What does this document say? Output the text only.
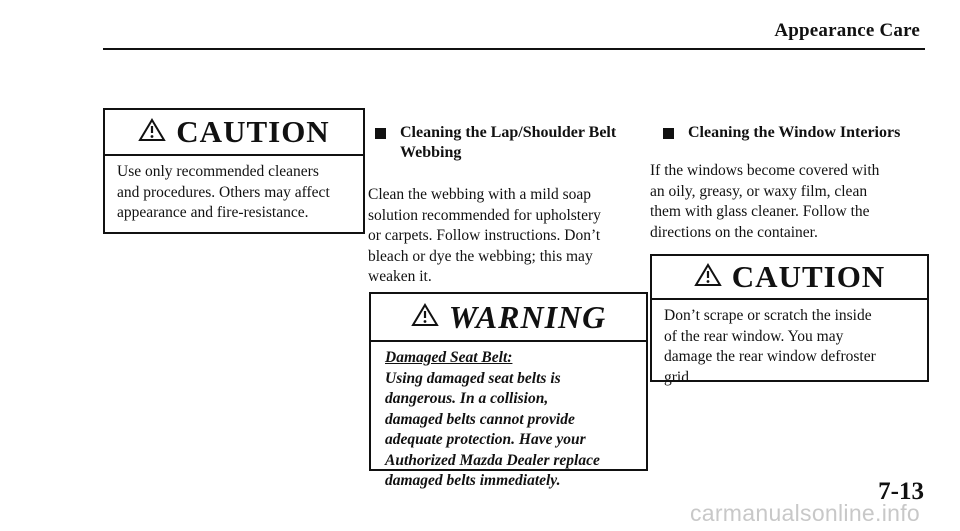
Appearance Care
CAUTION
Use only recommended cleaners
and procedures. Others may affect
appearance and fire-resistance.
Cleaning the Lap/Shoulder Belt
Webbing
Clean the webbing with a mild soap
solution recommended for upholstery
or carpets. Follow instructions. Don’t
bleach or dye the webbing; this may
weaken it.
WARNING
Damaged Seat Belt:
Using damaged seat belts is
dangerous. In a collision,
damaged belts cannot provide
adequate protection. Have your
Authorized Mazda Dealer replace
damaged belts immediately.
Cleaning the Window Interiors
If the windows become covered with
an oily, greasy, or waxy film, clean
them with glass cleaner. Follow the
directions on the container.
CAUTION
Don’t scrape or scratch the inside
of the rear window. You may
damage the rear window defroster
grid.
7-13
carmanualsonline.info
